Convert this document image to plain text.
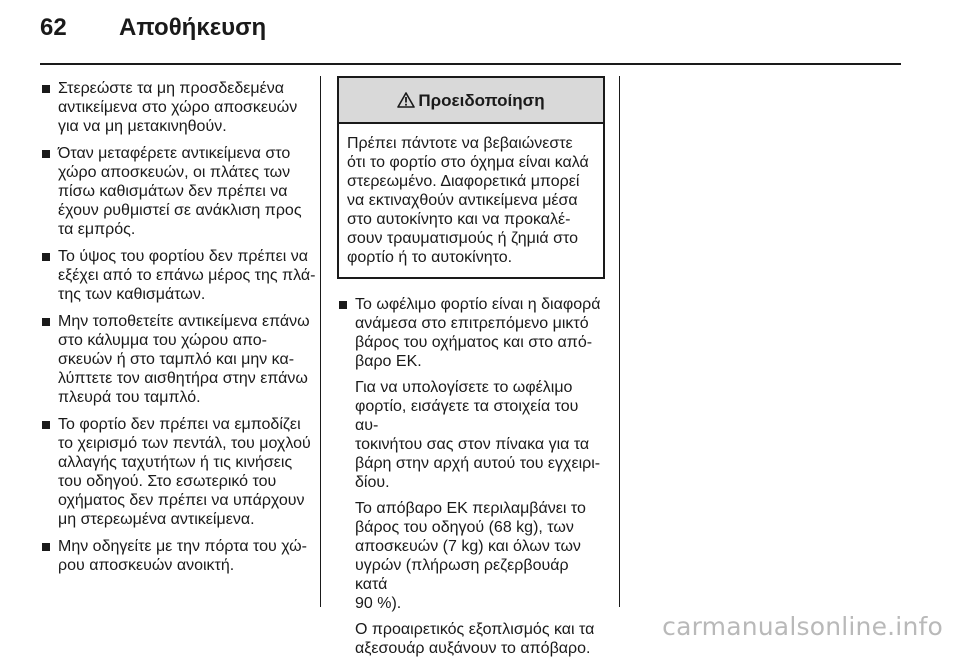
62 Αποθήκευση
Στερεώστε τα μη προσδεδεμένα
αντικείμενα στο χώρο αποσκευών
για να μη μετακινηθούν.
Όταν μεταφέρετε αντικείμενα στο
χώρο αποσκευών, οι πλάτες των
πίσω καθισμάτων δεν πρέπει να
έχουν ρυθμιστεί σε ανάκλιση προς
τα εμπρός.
Το ύψος του φορτίου δεν πρέπει να
εξέχει από το επάνω μέρος της πλά-
της των καθισμάτων.
Μην τοποθετείτε αντικείμενα επάνω
στο κάλυμμα του χώρου απο-
σκευών ή στο ταμπλό και μην κα-
λύπτετε τον αισθητήρα στην επάνω
πλευρά του ταμπλό.
Το φορτίο δεν πρέπει να εμποδίζει
το χειρισμό των πεντάλ, του μοχλού
αλλαγής ταχυτήτων ή τις κινήσεις
του οδηγού. Στο εσωτερικό του
οχήματος δεν πρέπει να υπάρχουν
μη στερεωμένα αντικείμενα.
Μην οδηγείτε με την πόρτα του χώ-
ρου αποσκευών ανοικτή.
Προειδοποίηση
Πρέπει πάντοτε να βεβαιώνεστε
ότι το φορτίο στο όχημα είναι καλά
στερεωμένο. Διαφορετικά μπορεί
να εκτιναχθούν αντικείμενα μέσα
στο αυτοκίνητο και να προκαλέ-
σουν τραυματισμούς ή ζημιά στο
φορτίο ή το αυτοκίνητο.
Το ωφέλιμο φορτίο είναι η διαφορά
ανάμεσα στο επιτρεπόμενο μικτό
βάρος του οχήματος και στο από-
βαρο ΕΚ.

Για να υπολογίσετε το ωφέλιμο
φορτίο, εισάγετε τα στοιχεία του αυ-
τοκινήτου σας στον πίνακα για τα
βάρη στην αρχή αυτού του εγχειρι-
δίου.

Το απόβαρο ΕΚ περιλαμβάνει το
βάρος του οδηγού (68 kg), των
αποσκευών (7 kg) και όλων των
υγρών (πλήρωση ρεζερβουάρ κατά
90 %).

Ο προαιρετικός εξοπλισμός και τα
αξεσουάρ αυξάνουν το απόβαρο.

carmanualsonline.info
